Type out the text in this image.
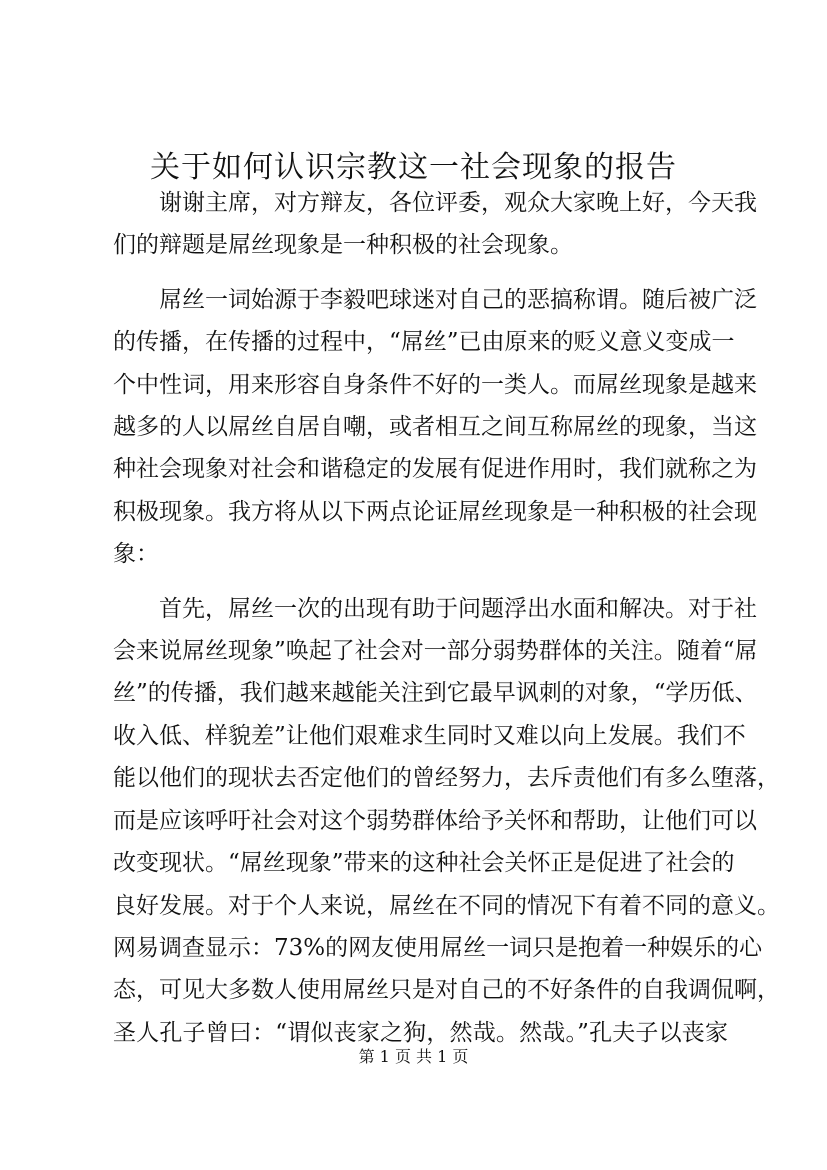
关于如何认识宗教这一社会现象的报告

　　谢谢主席，对方辩友，各位评委，观众大家晚上好，今天我
们的辩题是屌丝现象是一种积极的社会现象。

　　屌丝一词始源于李毅吧球迷对自己的恶搞称谓。随后被广泛
的传播，在传播的过程中，“屌丝”已由原来的贬义意义变成一
个中性词，用来形容自身条件不好的一类人。而屌丝现象是越来
越多的人以屌丝自居自嘲，或者相互之间互称屌丝的现象，当这
种社会现象对社会和谐稳定的发展有促进作用时，我们就称之为
积极现象。我方将从以下两点论证屌丝现象是一种积极的社会现
象：

　　首先，屌丝一次的出现有助于问题浮出水面和解决。对于社
会来说屌丝现象”唤起了社会对一部分弱势群体的关注。随着“屌
丝”的传播，我们越来越能关注到它最早讽刺的对象，“学历低、
收入低、样貌差”让他们艰难求生同时又难以向上发展。我们不
能以他们的现状去否定他们的曾经努力，去斥责他们有多么堕落，
而是应该呼吁社会对这个弱势群体给予关怀和帮助，让他们可以
改变现状。“屌丝现象”带来的这种社会关怀正是促进了社会的
良好发展。对于个人来说，屌丝在不同的情况下有着不同的意义。
网易调查显示：73%的网友使用屌丝一词只是抱着一种娱乐的心
态，可见大多数人使用屌丝只是对自己的不好条件的自我调侃啊，
圣人孔子曾曰：“谓似丧家之狗，然哉。然哉。”孔夫子以丧家

第 1 页 共 1 页
